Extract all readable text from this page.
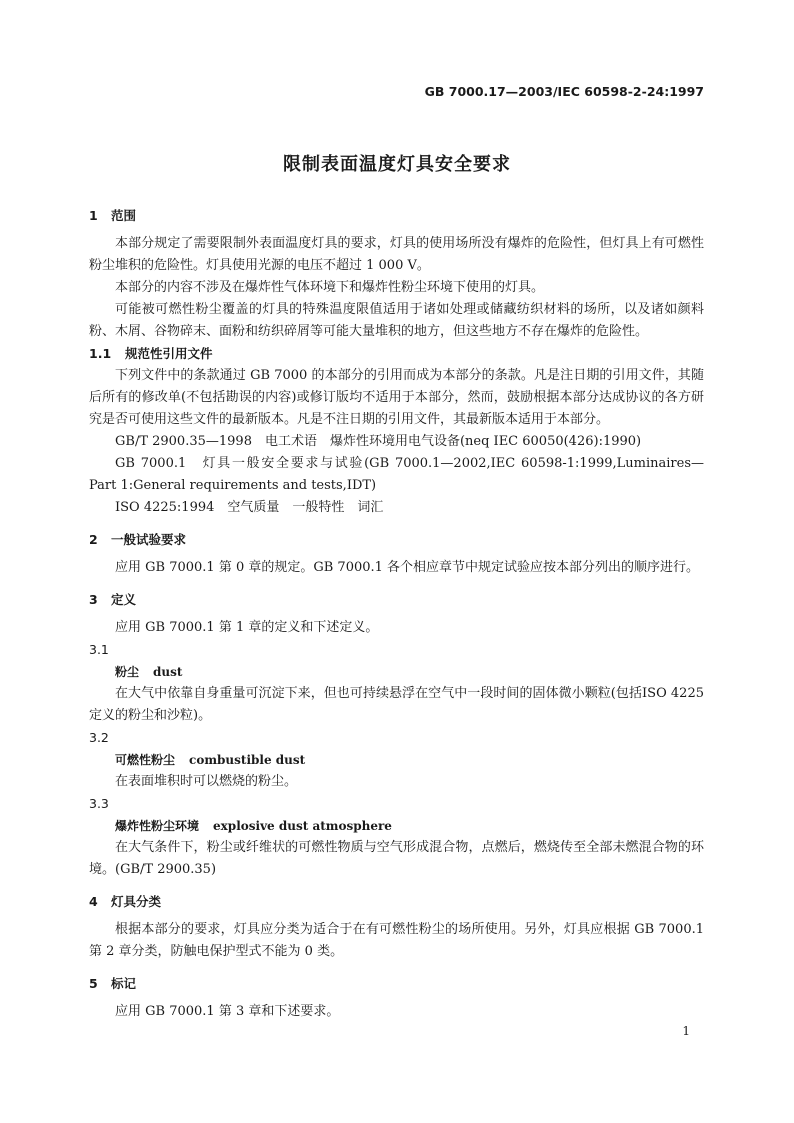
GB 7000.17—2003/IEC 60598-2-24:1997
限制表面温度灯具安全要求
1 范围

本部分规定了需要限制外表面温度灯具的要求，灯具的使用场所没有爆炸的危险性，但灯具上有可燃性粉尘堆积的危险性。灯具使用光源的电压不超过 1 000 V。

本部分的内容不涉及在爆炸性气体环境下和爆炸性粉尘环境下使用的灯具。

可能被可燃性粉尘覆盖的灯具的特殊温度限值适用于诸如处理或储藏纺织材料的场所，以及诸如颜料粉、木屑、谷物碎末、面粉和纺织碎屑等可能大量堆积的地方，但这些地方不存在爆炸的危险性。

1.1 规范性引用文件

下列文件中的条款通过 GB 7000 的本部分的引用而成为本部分的条款。凡是注日期的引用文件，其随后所有的修改单(不包括勘误的内容)或修订版均不适用于本部分，然而，鼓励根据本部分达成协议的各方研究是否可使用这些文件的最新版本。凡是不注日期的引用文件，其最新版本适用于本部分。

GB/T 2900.35—1998　电工术语　爆炸性环境用电气设备(neq IEC 60050(426):1990)

GB 7000.1　灯具一般安全要求与试验(GB 7000.1—2002,IEC 60598-1:1999,Luminaires—Part 1:General requirements and tests,IDT)

ISO 4225:1994　空气质量　一般特性　词汇

2 一般试验要求

应用 GB 7000.1 第 0 章的规定。GB 7000.1 各个相应章节中规定试验应按本部分列出的顺序进行。

3 定义

应用 GB 7000.1 第 1 章的定义和下述定义。

3.1

粉尘 dust

在大气中依靠自身重量可沉淀下来，但也可持续悬浮在空气中一段时间的固体微小颗粒(包括ISO 4225 定义的粉尘和沙粒)。

3.2

可燃性粉尘 combustible dust

在表面堆积时可以燃烧的粉尘。

3.3

爆炸性粉尘环境 explosive dust atmosphere

在大气条件下，粉尘或纤维状的可燃性物质与空气形成混合物，点燃后，燃烧传至全部未燃混合物的环境。(GB/T 2900.35)

4 灯具分类

根据本部分的要求，灯具应分类为适合于在有可燃性粉尘的场所使用。另外，灯具应根据 GB 7000.1 第 2 章分类，防触电保护型式不能为 0 类。

5 标记

应用 GB 7000.1 第 3 章和下述要求。

1
